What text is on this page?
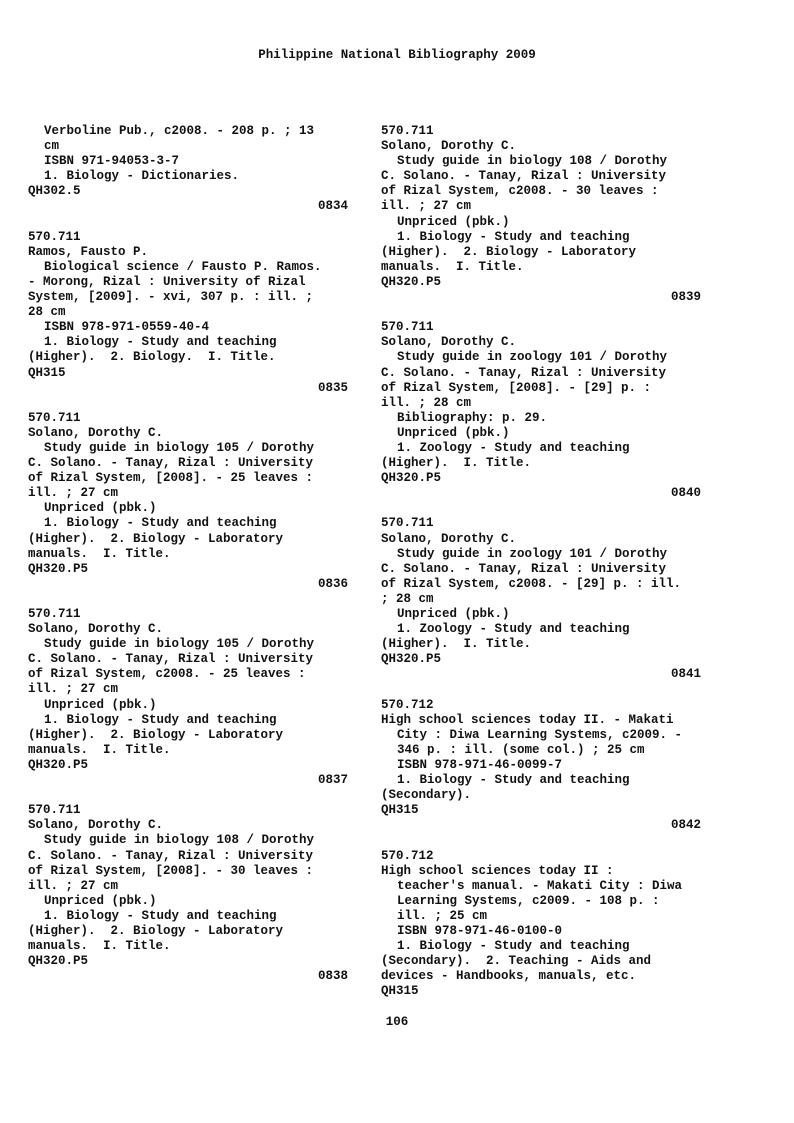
Philippine National Bibliography 2009
Verboline Pub., c2008. - 208 p. ; 13
cm
ISBN 971-94053-3-7
1. Biology - Dictionaries.
QH302.5
0834
570.711
Ramos, Fausto P.
Biological science / Fausto P. Ramos.
- Morong, Rizal : University of Rizal
System, [2009]. - xvi, 307 p. : ill. ;
28 cm
ISBN 978-971-0559-40-4
1. Biology - Study and teaching
(Higher).  2. Biology.  I. Title.
QH315
0835
570.711
Solano, Dorothy C.
Study guide in biology 105 / Dorothy
C. Solano. - Tanay, Rizal : University
of Rizal System, [2008]. - 25 leaves :
ill. ; 27 cm
Unpriced (pbk.)
1. Biology - Study and teaching
(Higher).  2. Biology - Laboratory
manuals.  I. Title.
QH320.P5
0836
570.711
Solano, Dorothy C.
Study guide in biology 105 / Dorothy
C. Solano. - Tanay, Rizal : University
of Rizal System, c2008. - 25 leaves :
ill. ; 27 cm
Unpriced (pbk.)
1. Biology - Study and teaching
(Higher).  2. Biology - Laboratory
manuals.  I. Title.
QH320.P5
0837
570.711
Solano, Dorothy C.
Study guide in biology 108 / Dorothy
C. Solano. - Tanay, Rizal : University
of Rizal System, [2008]. - 30 leaves :
ill. ; 27 cm
Unpriced (pbk.)
1. Biology - Study and teaching
(Higher).  2. Biology - Laboratory
manuals.  I. Title.
QH320.P5
0838
570.711
Solano, Dorothy C.
Study guide in biology 108 / Dorothy
C. Solano. - Tanay, Rizal : University
of Rizal System, c2008. - 30 leaves :
ill. ; 27 cm
Unpriced (pbk.)
1. Biology - Study and teaching
(Higher).  2. Biology - Laboratory
manuals.  I. Title.
QH320.P5
0839
570.711
Solano, Dorothy C.
Study guide in zoology 101 / Dorothy
C. Solano. - Tanay, Rizal : University
of Rizal System, [2008]. - [29] p. :
ill. ; 28 cm
Bibliography: p. 29.
Unpriced (pbk.)
1. Zoology - Study and teaching
(Higher).  I. Title.
QH320.P5
0840
570.711
Solano, Dorothy C.
Study guide in zoology 101 / Dorothy
C. Solano. - Tanay, Rizal : University
of Rizal System, c2008. - [29] p. : ill.
; 28 cm
Unpriced (pbk.)
1. Zoology - Study and teaching
(Higher).  I. Title.
QH320.P5
0841
570.712
High school sciences today II. - Makati
City : Diwa Learning Systems, c2009. -
346 p. : ill. (some col.) ; 25 cm
ISBN 978-971-46-0099-7
1. Biology - Study and teaching
(Secondary).
QH315
0842
570.712
High school sciences today II :
teacher's manual. - Makati City : Diwa
Learning Systems, c2009. - 108 p. :
ill. ; 25 cm
ISBN 978-971-46-0100-0
1. Biology - Study and teaching
(Secondary).  2. Teaching - Aids and
devices - Handbooks, manuals, etc.
QH315
106
